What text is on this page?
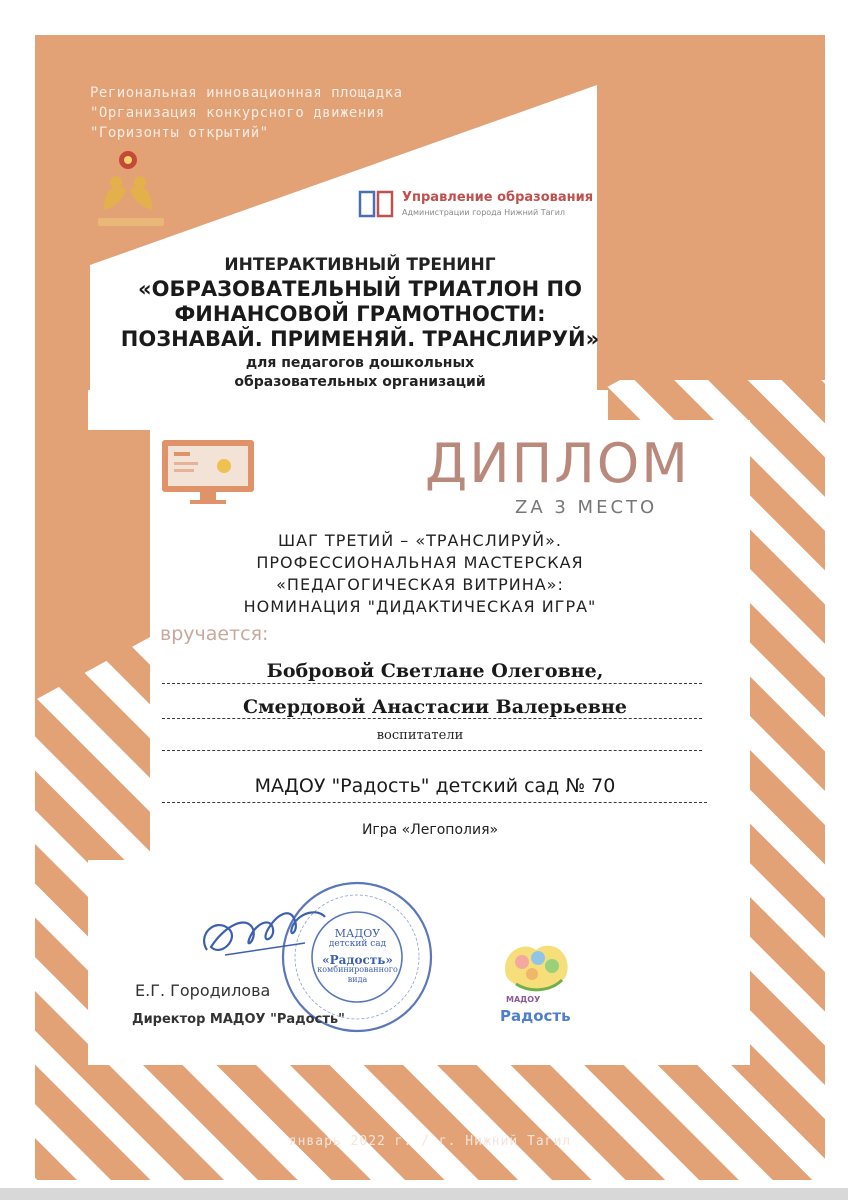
Региональная инновационная площадка

"Организация конкурсного движения

"Горизонты открытий"

Управление образования

Администрации города Нижний Тагил

ИНТЕРАКТИВНЫЙ ТРЕНИНГ

«ОБРАЗОВАТЕЛЬНЫЙ ТРИАТЛОН ПО

ФИНАНСОВОЙ ГРАМОТНОСТИ:

ПОЗНАВАЙ. ПРИМЕНЯЙ. ТРАНСЛИРУЙ»

для педагогов дошкольных

образовательных организаций

ДИПЛОМ

ZА 3 МЕСТО

ШАГ ТРЕТИЙ – «ТРАНСЛИРУЙ».

ПРОФЕССИОНАЛЬНАЯ МАСТЕРСКАЯ

«ПЕДАГОГИЧЕСКАЯ ВИТРИНА»:

НОМИНАЦИЯ "ДИДАКТИЧЕСКАЯ ИГРА"

вручается:

Бобровой Светлане Олеговне,

Смердовой Анастасии Валерьевне

воспитатели

МАДОУ "Радость" детский сад № 70

Игра «Легополия»

МАДОУ

детский сад

«Радость»

комбинированного

вида

Е.Г. Городилова

Директор МАДОУ "Радость"

МАДОУ

Радость

январь 2022 г. / г. Нижний Тагил
